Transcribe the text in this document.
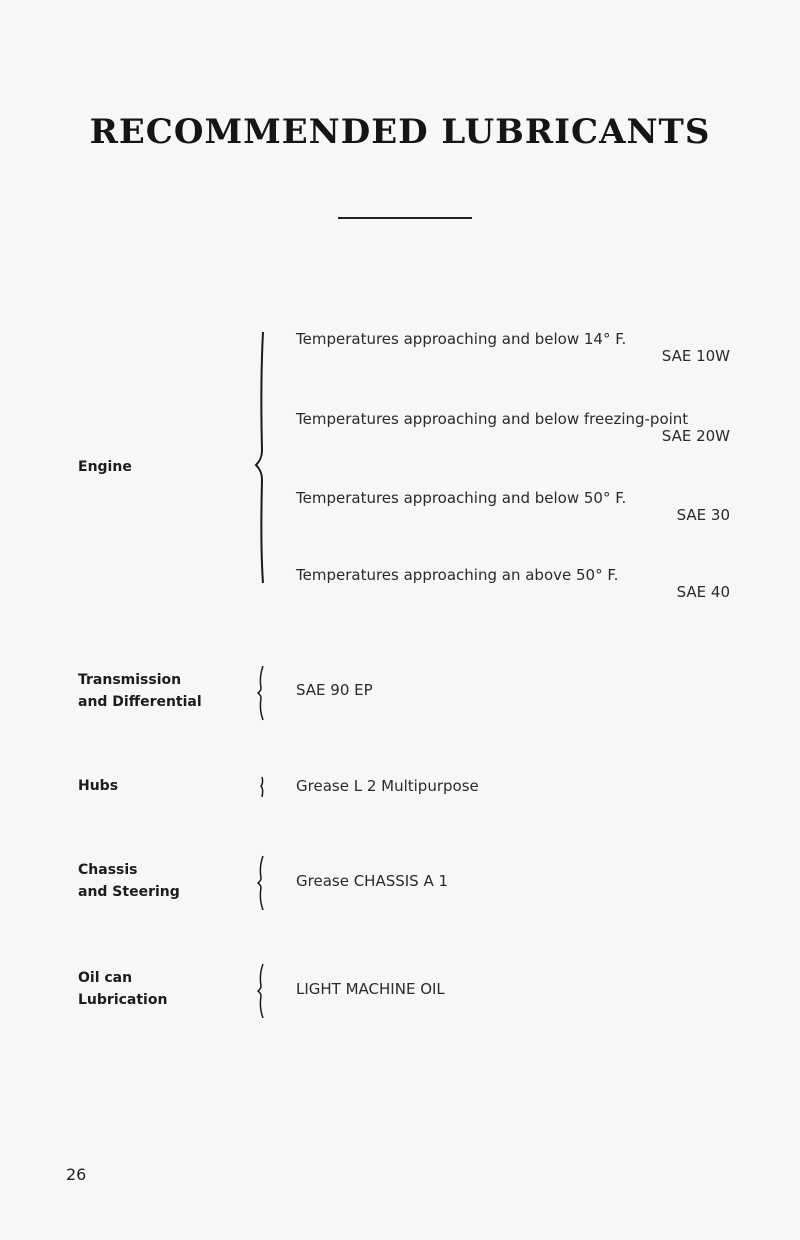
RECOMMENDED LUBRICANTS
Engine
Temperatures approaching and below 14° F.
SAE 10W
Temperatures approaching and below freezing-point
SAE 20W
Temperatures approaching and below 50° F.
SAE 30
Temperatures approaching an above 50° F.
SAE 40
Transmission
and Differential
SAE 90 EP
Hubs	Grease L 2 Multipurpose
Chassis
and Steering
Grease CHASSIS A 1
Oil can
Lubrication
LIGHT MACHINE OIL
26
